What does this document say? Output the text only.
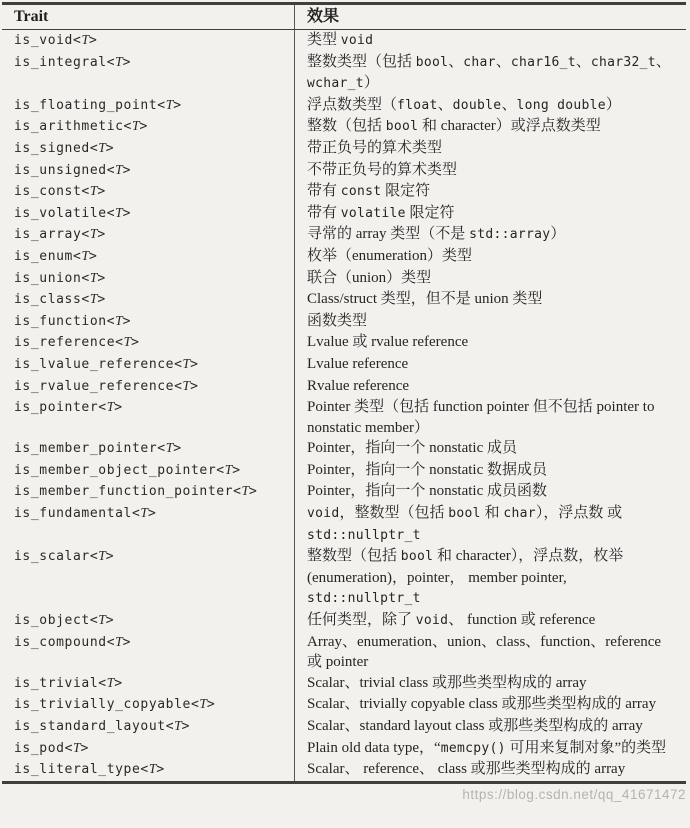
Trait	效果
is_void<T>	类型 void
is_integral<T>	整数类型（包括 bool、char、char16_t、char32_t、wchar_t）
is_floating_point<T>	浮点数类型（float、double、long double）
is_arithmetic<T>	整数（包括 bool 和 character）或浮点数类型
is_signed<T>	带正负号的算术类型
is_unsigned<T>	不带正负号的算术类型
is_const<T>	带有 const 限定符
is_volatile<T>	带有 volatile 限定符
is_array<T>	寻常的 array 类型（不是 std::array）
is_enum<T>	枚举（enumeration）类型
is_union<T>	联合（union）类型
is_class<T>	Class/struct 类型，但不是 union 类型
is_function<T>	函数类型
is_reference<T>	Lvalue 或 rvalue reference
is_lvalue_reference<T>	Lvalue reference
is_rvalue_reference<T>	Rvalue reference
is_pointer<T>	Pointer 类型（包括 function pointer 但不包括 pointer to nonstatic member）
is_member_pointer<T>	Pointer，指向一个 nonstatic 成员
is_member_object_pointer<T>	Pointer，指向一个 nonstatic 数据成员
is_member_function_pointer<T>	Pointer，指向一个 nonstatic 成员函数
is_fundamental<T>	void，整数型（包括 bool 和 char），浮点数 或std::nullptr_t
is_scalar<T>	整数型（包括 bool 和 character），浮点数，枚举 (enumeration)，pointer， member pointer, std::nullptr_t
is_object<T>	任何类型，除了 void、 function 或 reference
is_compound<T>	Array、enumeration、union、class、function、reference 或 pointer
is_trivial<T>	Scalar、trivial class 或那些类型构成的 array
is_trivially_copyable<T>	Scalar、trivially copyable class 或那些类型构成的 array
is_standard_layout<T>	Scalar、standard layout class 或那些类型构成的 array
is_pod<T>	Plain old data type，“memcpy() 可用来复制对象”的类型
is_literal_type<T>	Scalar、 reference、 class 或那些类型构成的 array
https://blog.csdn.net/qq_41671472
